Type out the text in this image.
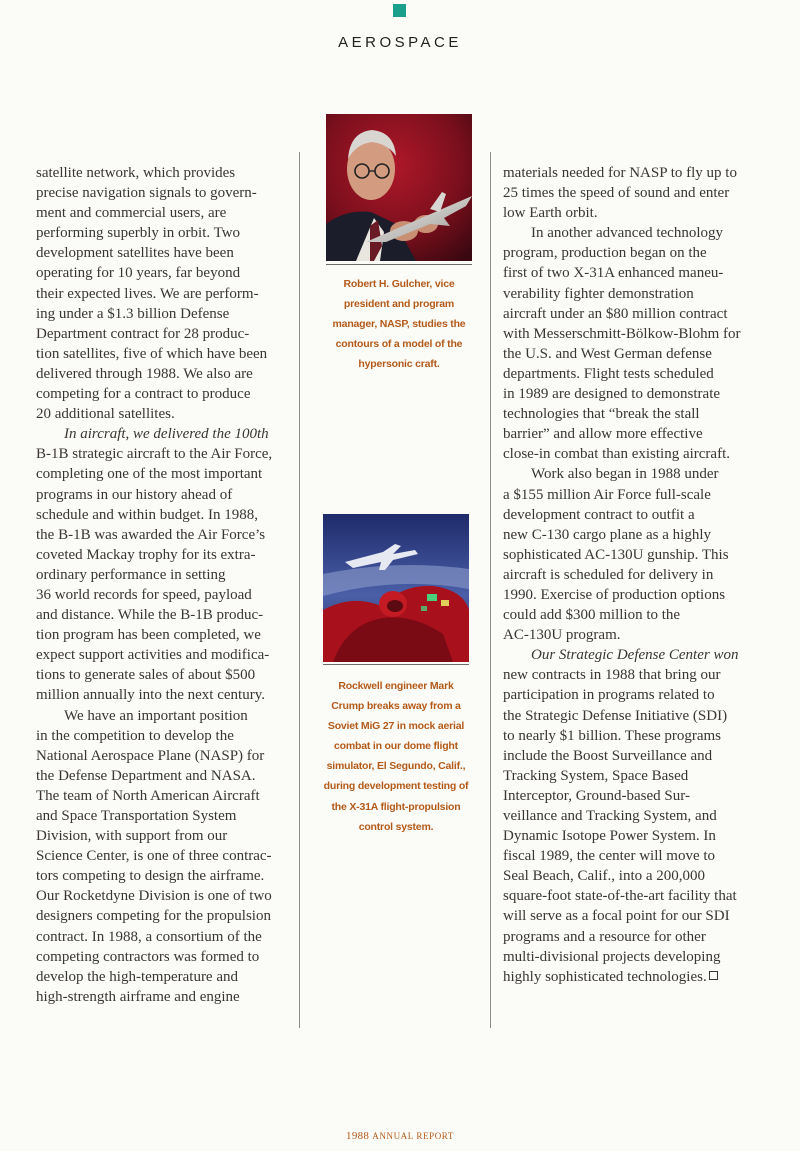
AEROSPACE
satellite network, which provides
precise navigation signals to govern-
ment and commercial users, are
performing superbly in orbit. Two
development satellites have been
operating for 10 years, far beyond
their expected lives. We are perform-
ing under a $1.3 billion Defense
Department contract for 28 produc-
tion satellites, five of which have been
delivered through 1988. We also are
competing for a contract to produce
20 additional satellites.
In aircraft, we delivered the 100th
B-1B strategic aircraft to the Air Force,
completing one of the most important
programs in our history ahead of
schedule and within budget. In 1988,
the B-1B was awarded the Air Force’s
coveted Mackay trophy for its extra-
ordinary performance in setting
36 world records for speed, payload
and distance. While the B-1B produc-
tion program has been completed, we
expect support activities and modifica-
tions to generate sales of about $500
million annually into the next century.
We have an important position
in the competition to develop the
National Aerospace Plane (NASP) for
the Defense Department and NASA.
The team of North American Aircraft
and Space Transportation System
Division, with support from our
Science Center, is one of three contrac-
tors competing to design the airframe.
Our Rocketdyne Division is one of two
designers competing for the propulsion
contract. In 1988, a consortium of the
competing contractors was formed to
develop the high-temperature and
high-strength airframe and engine
Robert H. Gulcher, vice
president and program
manager, NASP, studies the
contours of a model of the
hypersonic craft.
Rockwell engineer Mark
Crump breaks away from a
Soviet MiG 27 in mock aerial
combat in our dome flight
simulator, El Segundo, Calif.,
during development testing of
the X-31A flight-propulsion
control system.
materials needed for NASP to fly up to
25 times the speed of sound and enter
low Earth orbit.
In another advanced technology
program, production began on the
first of two X-31A enhanced maneu-
verability fighter demonstration
aircraft under an $80 million contract
with Messerschmitt-Bölkow-Blohm for
the U.S. and West German defense
departments. Flight tests scheduled
in 1989 are designed to demonstrate
technologies that “break the stall
barrier” and allow more effective
close-in combat than existing aircraft.
Work also began in 1988 under
a $155 million Air Force full-scale
development contract to outfit a
new C-130 cargo plane as a highly
sophisticated AC-130U gunship. This
aircraft is scheduled for delivery in
1990. Exercise of production options
could add $300 million to the
AC-130U program.
Our Strategic Defense Center won
new contracts in 1988 that bring our
participation in programs related to
the Strategic Defense Initiative (SDI)
to nearly $1 billion. These programs
include the Boost Surveillance and
Tracking System, Space Based
Interceptor, Ground-based Sur-
veillance and Tracking System, and
Dynamic Isotope Power System. In
fiscal 1989, the center will move to
Seal Beach, Calif., into a 200,000
square-foot state-of-the-art facility that
will serve as a focal point for our SDI
programs and a resource for other
multi-divisional projects developing
highly sophisticated technologies.
1988 ANNUAL REPORT
